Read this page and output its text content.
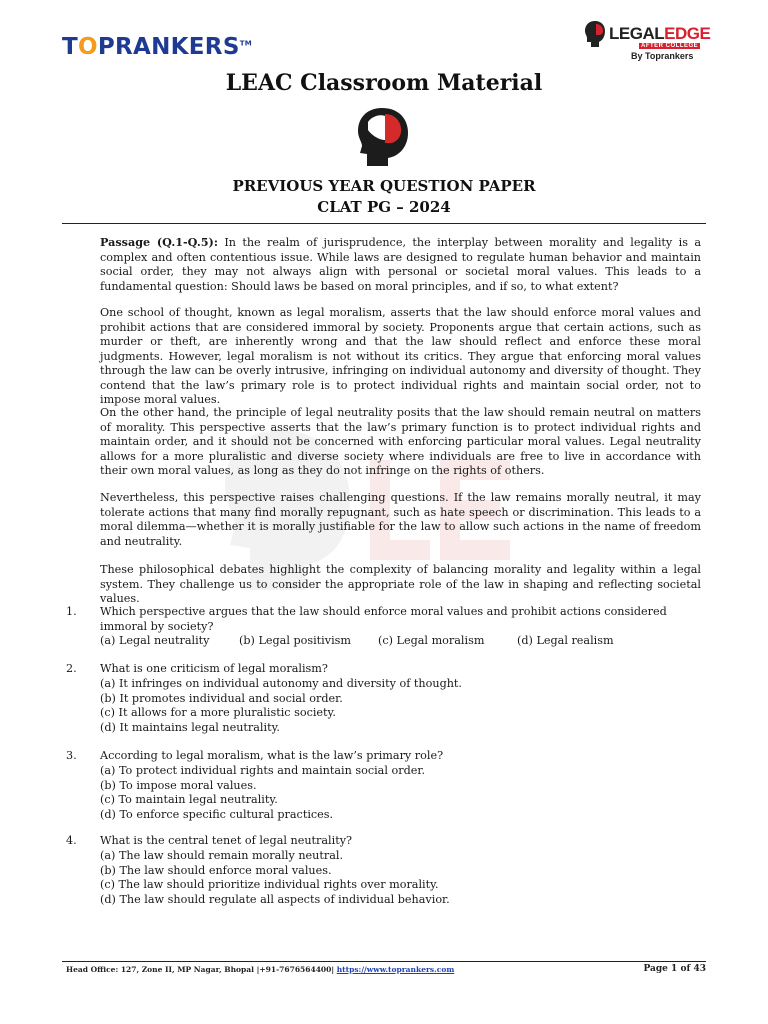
TOPRANKERS™
LEGALEDGE
AFTER COLLEGE
By Toprankers
LEAC Classroom Material
PREVIOUS YEAR QUESTION PAPER
CLAT PG – 2024

Passage (Q.1-Q.5): In the realm of jurisprudence, the interplay between morality and legality is a complex and often contentious issue. While laws are designed to regulate human behavior and maintain social order, they may not always align with personal or societal moral values. This leads to a fundamental question: Should laws be based on moral principles, and if so, to what extent?

One school of thought, known as legal moralism, asserts that the law should enforce moral values and prohibit actions that are considered immoral by society. Proponents argue that certain actions, such as murder or theft, are inherently wrong and that the law should reflect and enforce these moral judgments. However, legal moralism is not without its critics. They argue that enforcing moral values through the law can be overly intrusive, infringing on individual autonomy and diversity of thought. They contend that the law’s primary role is to protect individual rights and maintain social order, not to impose moral values.

On the other hand, the principle of legal neutrality posits that the law should remain neutral on matters of morality. This perspective asserts that the law’s primary function is to protect individual rights and maintain order, and it should not be concerned with enforcing particular moral values. Legal neutrality allows for a more pluralistic and diverse society where individuals are free to live in accordance with their own moral values, as long as they do not infringe on the rights of others.

Nevertheless, this perspective raises challenging questions. If the law remains morally neutral, it may tolerate actions that many find morally repugnant, such as hate speech or discrimination. This leads to a moral dilemma—whether it is morally justifiable for the law to allow such actions in the name of freedom and neutrality.

These philosophical debates highlight the complexity of balancing morality and legality within a legal system. They challenge us to consider the appropriate role of the law in shaping and reflecting societal values.

1. Which perspective argues that the law should enforce moral values and prohibit actions considered immoral by society?
(a) Legal neutrality	(b) Legal positivism (c) Legal moralism	(d) Legal realism
2. What is one criticism of legal moralism?
(a) It infringes on individual autonomy and diversity of thought.
(b) It promotes individual and social order.
(c) It allows for a more pluralistic society.
(d) It maintains legal neutrality.
3. According to legal moralism, what is the law’s primary role?
(a) To protect individual rights and maintain social order.
(b) To impose moral values.
(c) To maintain legal neutrality.
(d) To enforce specific cultural practices.
4. What is the central tenet of legal neutrality?
(a) The law should remain morally neutral.
(b) The law should enforce moral values.
(c) The law should prioritize individual rights over morality.
(d) The law should regulate all aspects of individual behavior.
Head Office: 127, Zone II, MP Nagar, Bhopal |+91-7676564400| https://www.toprankers.com	Page 1 of 43
